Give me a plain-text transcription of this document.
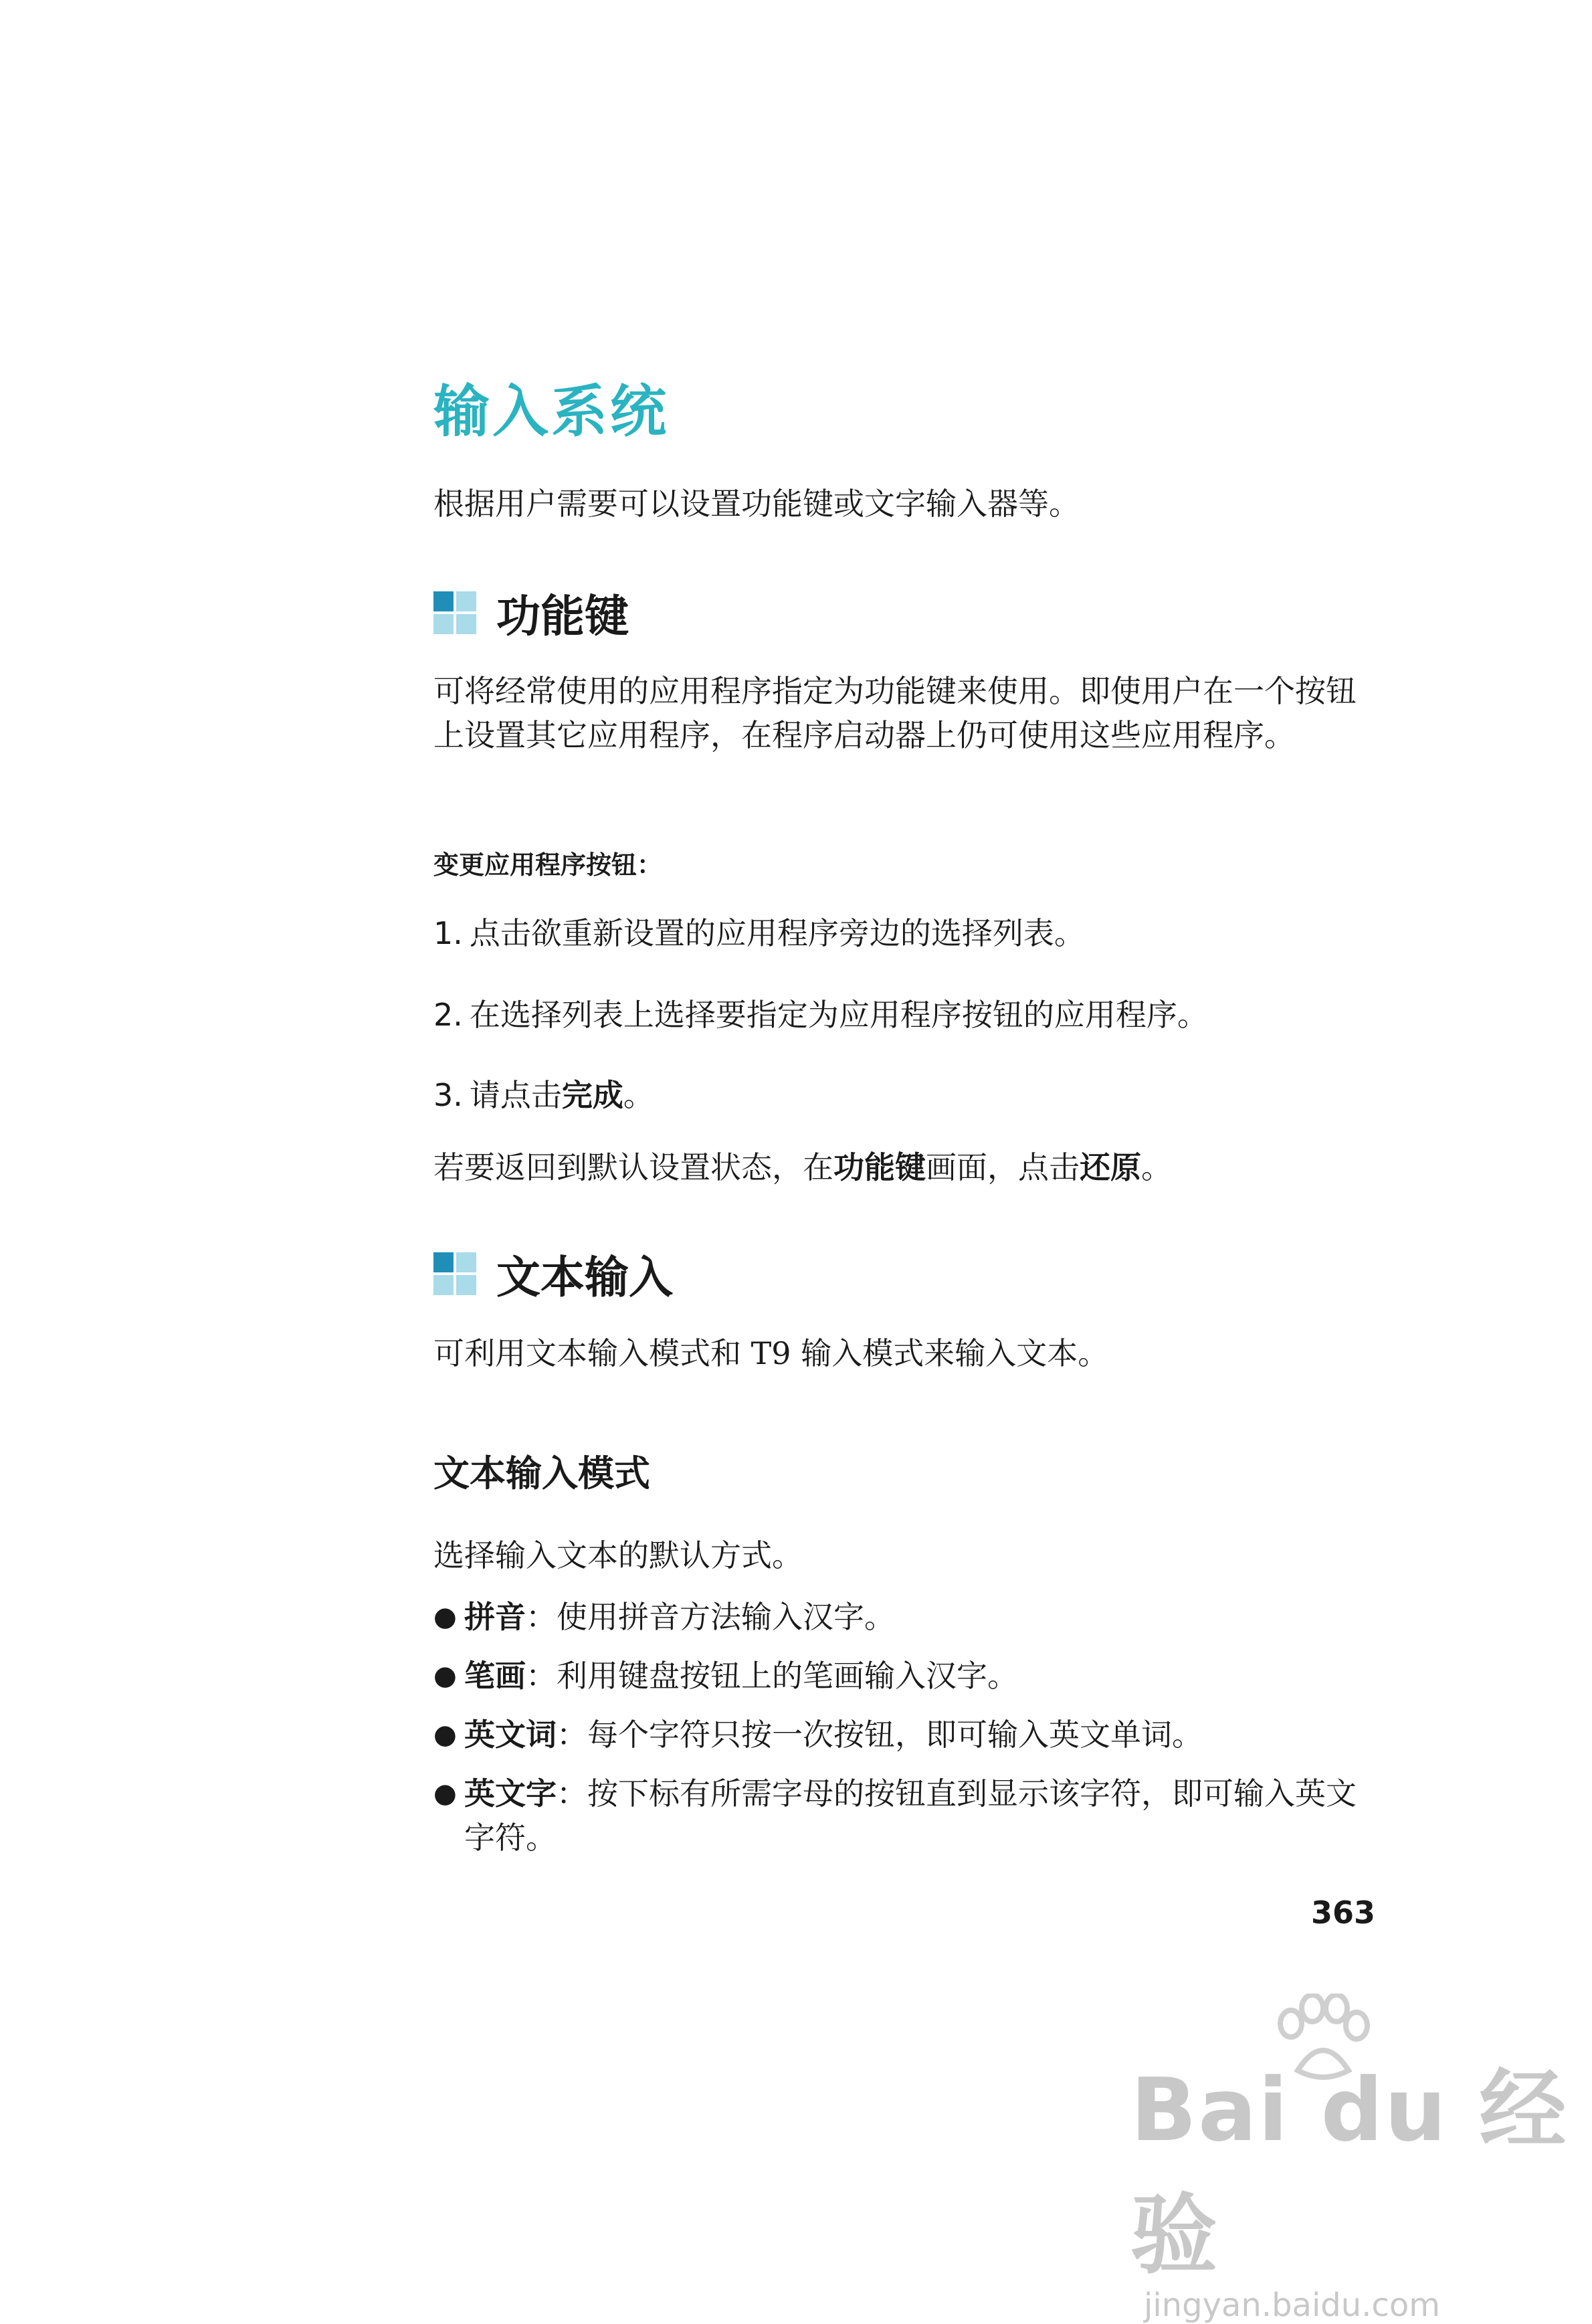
输入系统
根据用户需要可以设置功能键或文字输入器等。
功能键
可将经常使用的应用程序指定为功能键来使用。即使用户在一个按钮上设置其它应用程序，在程序启动器上仍可使用这些应用程序。
变更应用程序按钮：
1. 点击欲重新设置的应用程序旁边的选择列表。
2. 在选择列表上选择要指定为应用程序按钮的应用程序。
3. 请点击完成。
若要返回到默认设置状态，在功能键画面，点击还原。
文本输入
可利用文本输入模式和 T9 输入模式来输入文本。
文本输入模式
选择输入文本的默认方式。
● 拼音：使用拼音方法输入汉字。
● 笔画：利用键盘按钮上的笔画输入汉字。
● 英文词：每个字符只按一次按钮，即可输入英文单词。
● 英文字：按下标有所需字母的按钮直到显示该字符，即可输入英文字符。
363
Bai du 经验
jingyan.baidu.com
